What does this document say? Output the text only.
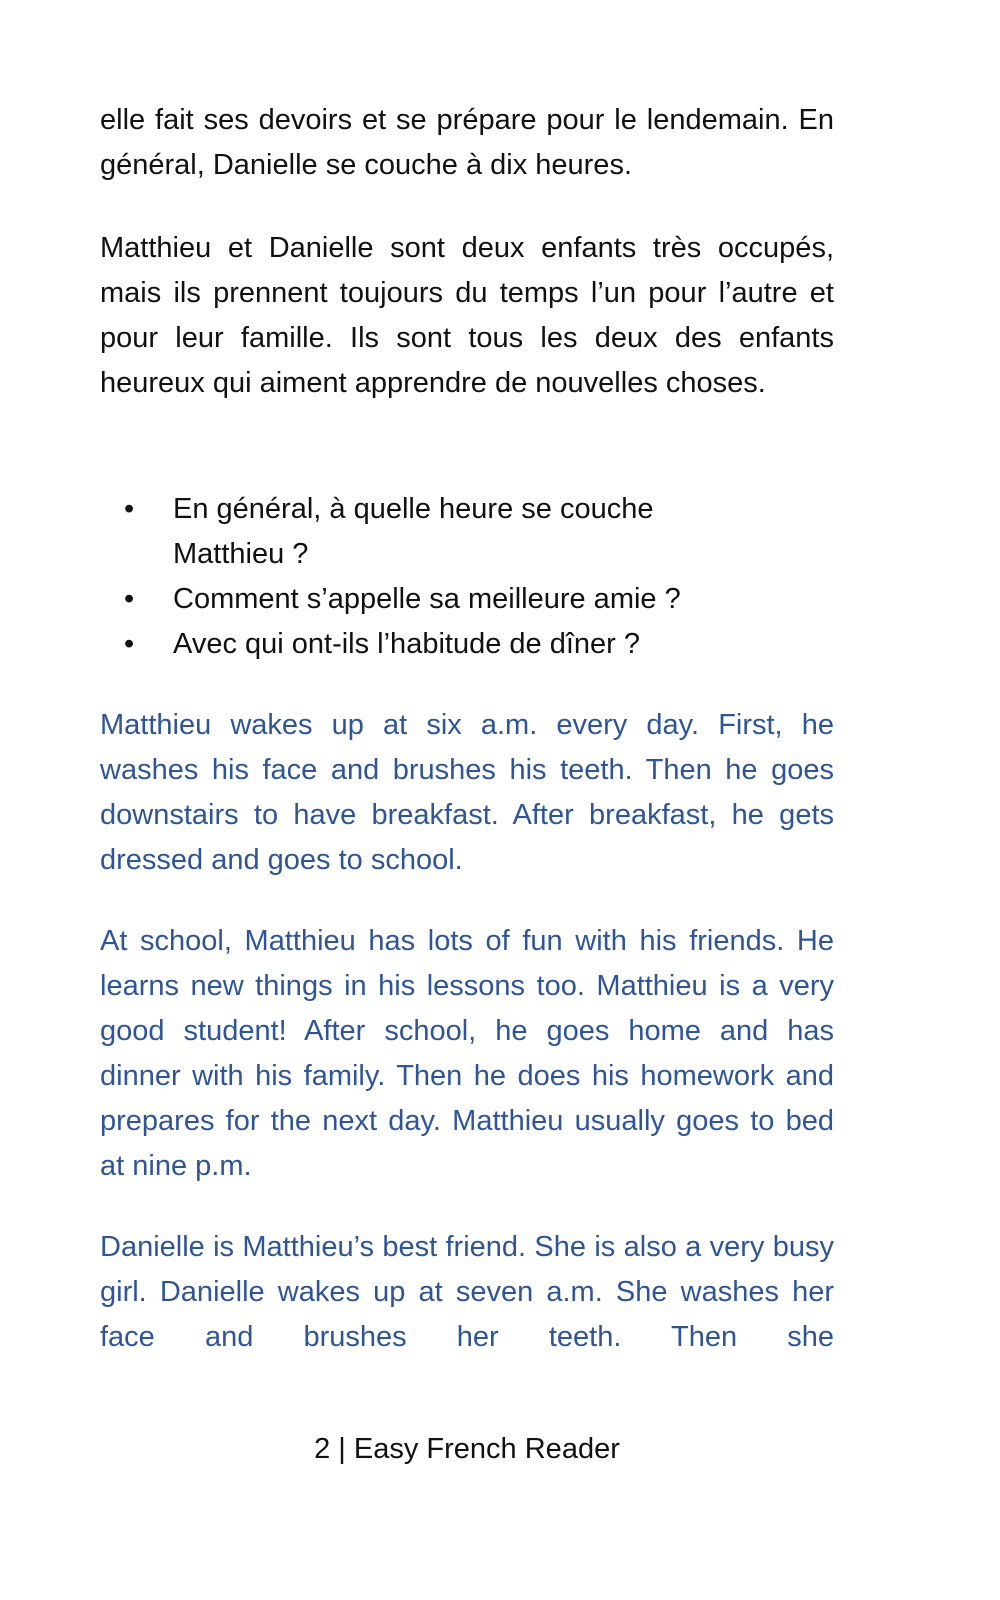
elle fait ses devoirs et se prépare pour le lendemain. En général, Danielle se couche à dix heures.

Matthieu et Danielle sont deux enfants très occupés, mais ils prennent toujours du temps l’un pour l’autre et pour leur famille. Ils sont tous les deux des enfants heureux qui aiment apprendre de nouvelles choses.

• En général, à quelle heure se couche Matthieu ?
• Comment s’appelle sa meilleure amie ?
• Avec qui ont-ils l’habitude de dîner ?

Matthieu wakes up at six a.m. every day. First, he washes his face and brushes his teeth. Then he goes downstairs to have breakfast. After breakfast, he gets dressed and goes to school.

At school, Matthieu has lots of fun with his friends. He learns new things in his lessons too. Matthieu is a very good student! After school, he goes home and has dinner with his family. Then he does his homework and prepares for the next day. Matthieu usually goes to bed at nine p.m.

Danielle is Matthieu’s best friend. She is also a very busy girl. Danielle wakes up at seven a.m. She washes her face and brushes her teeth. Then she

2 | Easy French Reader
